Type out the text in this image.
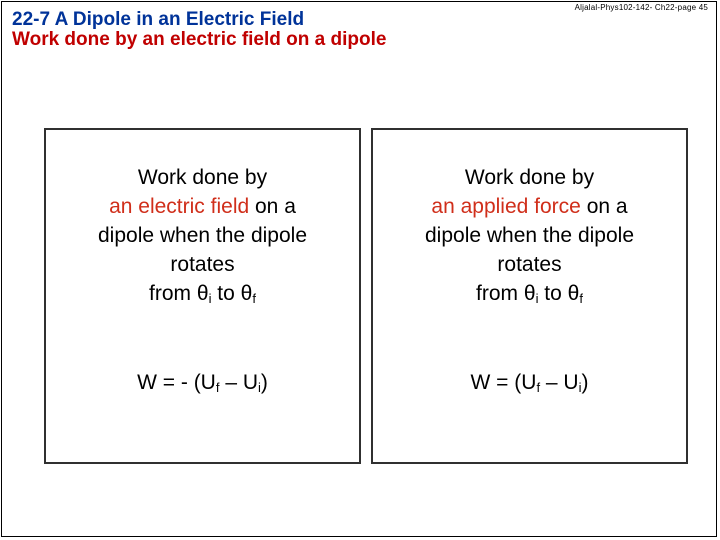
Aljalal-Phys102-142- Ch22-page 45
22-7 A Dipole in an Electric Field
Work done by an electric field on a dipole
Work done by
an electric field on a
dipole when the dipole
rotates
from $\theta_i$ to $\theta_f$
W = - $(U_f - U_i)$
Work done by
an applied force on a
dipole when the dipole
rotates
from $\theta_i$ to $\theta_f$
$W = (U_f - U_i)$
